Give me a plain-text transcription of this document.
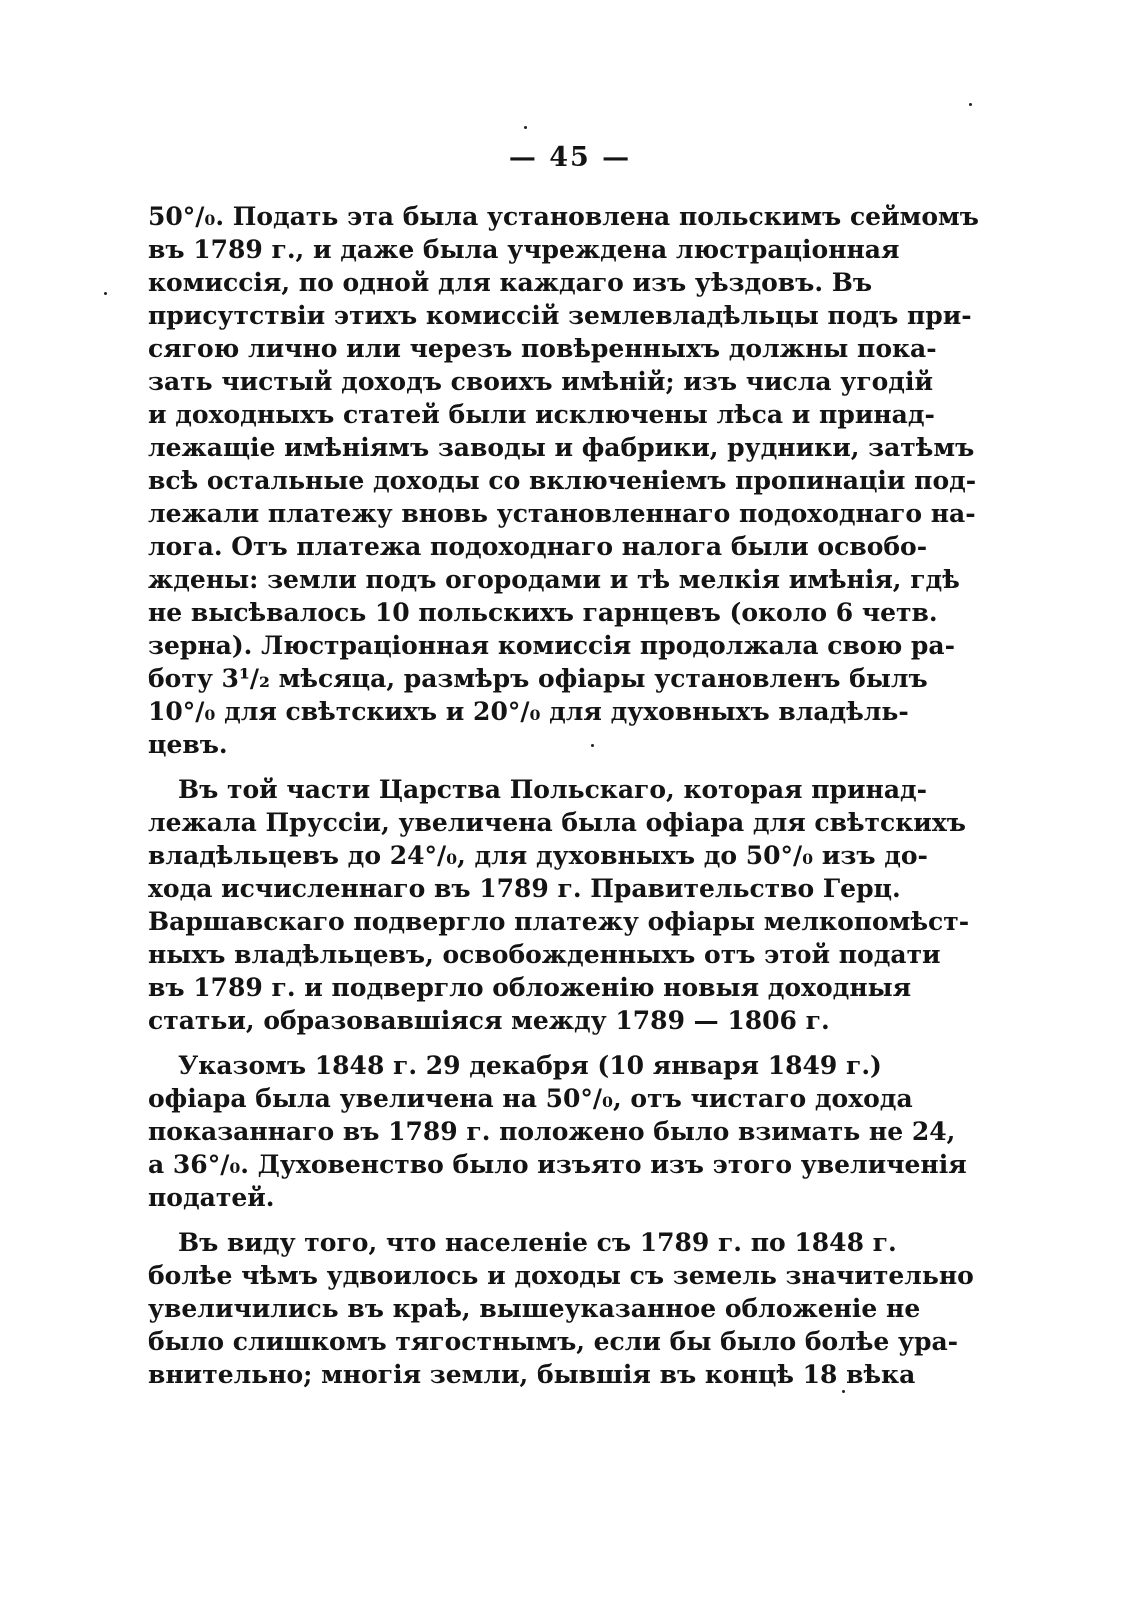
— 45 —
50°/₀. Подать эта была установлена польскимъ сеймомъ
въ 1789 г., и даже была учреждена люстраціонная
комиссія, по одной для каждаго изъ уѣздовъ. Въ
присутствіи этихъ комиссій землевладѣльцы подъ при-
сягою лично или черезъ повѣренныхъ должны пока-
зать чистый доходъ своихъ имѣній; изъ числа угодій
и доходныхъ статей были исключены лѣса и принад-
лежащіе имѣніямъ заводы и фабрики, рудники, затѣмъ
всѣ остальные доходы со включеніемъ пропинаціи под-
лежали платежу вновь установленнаго подоходнаго на-
лога. Отъ платежа подоходнаго налога были освобо-
ждены: земли подъ огородами и тѣ мелкія имѣнія, гдѣ
не высѣвалось 10 польскихъ гарнцевъ (около 6 четв.
зерна). Люстраціонная комиссія продолжала свою ра-
боту 3¹/₂ мѣсяца, размѣръ офіары установленъ былъ
10°/₀ для свѣтскихъ и 20°/₀ для духовныхъ владѣль-
цевъ.
Въ той части Царства Польскаго, которая принад-
лежала Пруссіи, увеличена была офіара для свѣтскихъ
владѣльцевъ до 24°/₀, для духовныхъ до 50°/₀ изъ до-
хода исчисленнаго въ 1789 г. Правительство Герц.
Варшавскаго подвергло платежу офіары мелкопомѣст-
ныхъ владѣльцевъ, освобожденныхъ отъ этой подати
въ 1789 г. и подвергло обложенію новыя доходныя
статьи, образовавшіяся между 1789 — 1806 г.
Указомъ 1848 г. 29 декабря (10 января 1849 г.)
офіара была увеличена на 50°/₀, отъ чистаго дохода
показаннаго въ 1789 г. положено было взимать не 24,
а 36°/₀. Духовенство было изъято изъ этого увеличенія
податей.
Въ виду того, что населеніе съ 1789 г. по 1848 г.
болѣе чѣмъ удвоилось и доходы съ земель значительно
увеличились въ краѣ, вышеуказанное обложеніе не
было слишкомъ тягостнымъ, если бы было болѣе ура-
внительно; многія земли, бывшія въ концѣ 18 вѣка
